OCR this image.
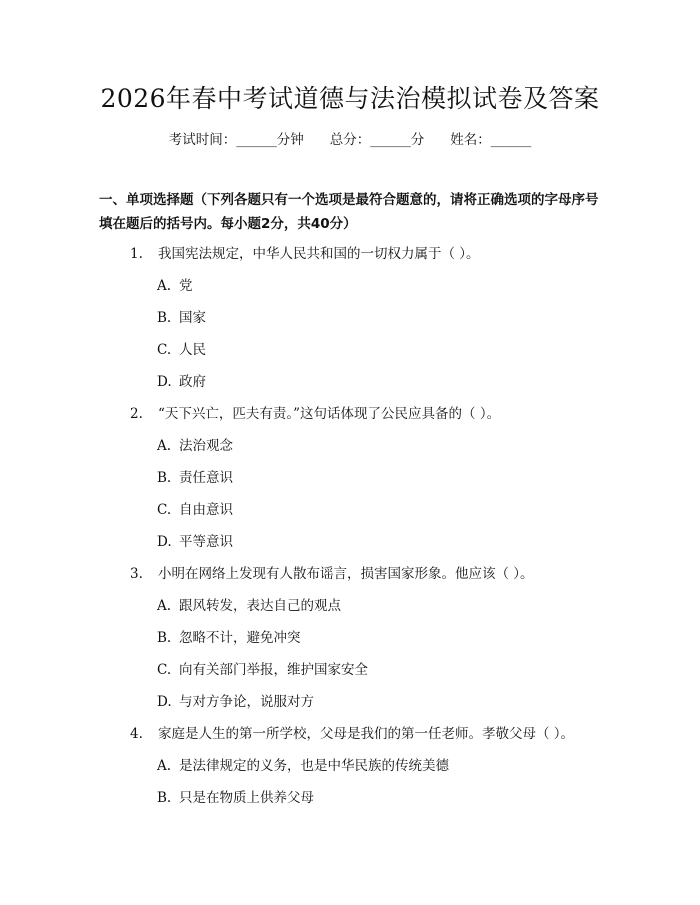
2026年春中考试道德与法治模拟试卷及答案
考试时间：______分钟 总分：______分 姓名：______
一、单项选择题（下列各题只有一个选项是最符合题意的，请将正确选项的字母序号填在题后的括号内。每小题2分，共40分）
1. 我国宪法规定，中华人民共和国的一切权力属于（ ）。
A. 党
B. 国家
C. 人民
D. 政府
2. “天下兴亡，匹夫有责。”这句话体现了公民应具备的（ ）。
A. 法治观念
B. 责任意识
C. 自由意识
D. 平等意识
3. 小明在网络上发现有人散布谣言，损害国家形象。他应该（ ）。
A. 跟风转发，表达自己的观点
B. 忽略不计，避免冲突
C. 向有关部门举报，维护国家安全
D. 与对方争论，说服对方
4. 家庭是人生的第一所学校，父母是我们的第一任老师。孝敬父母（ ）。
A. 是法律规定的义务，也是中华民族的传统美德
B. 只是在物质上供养父母
